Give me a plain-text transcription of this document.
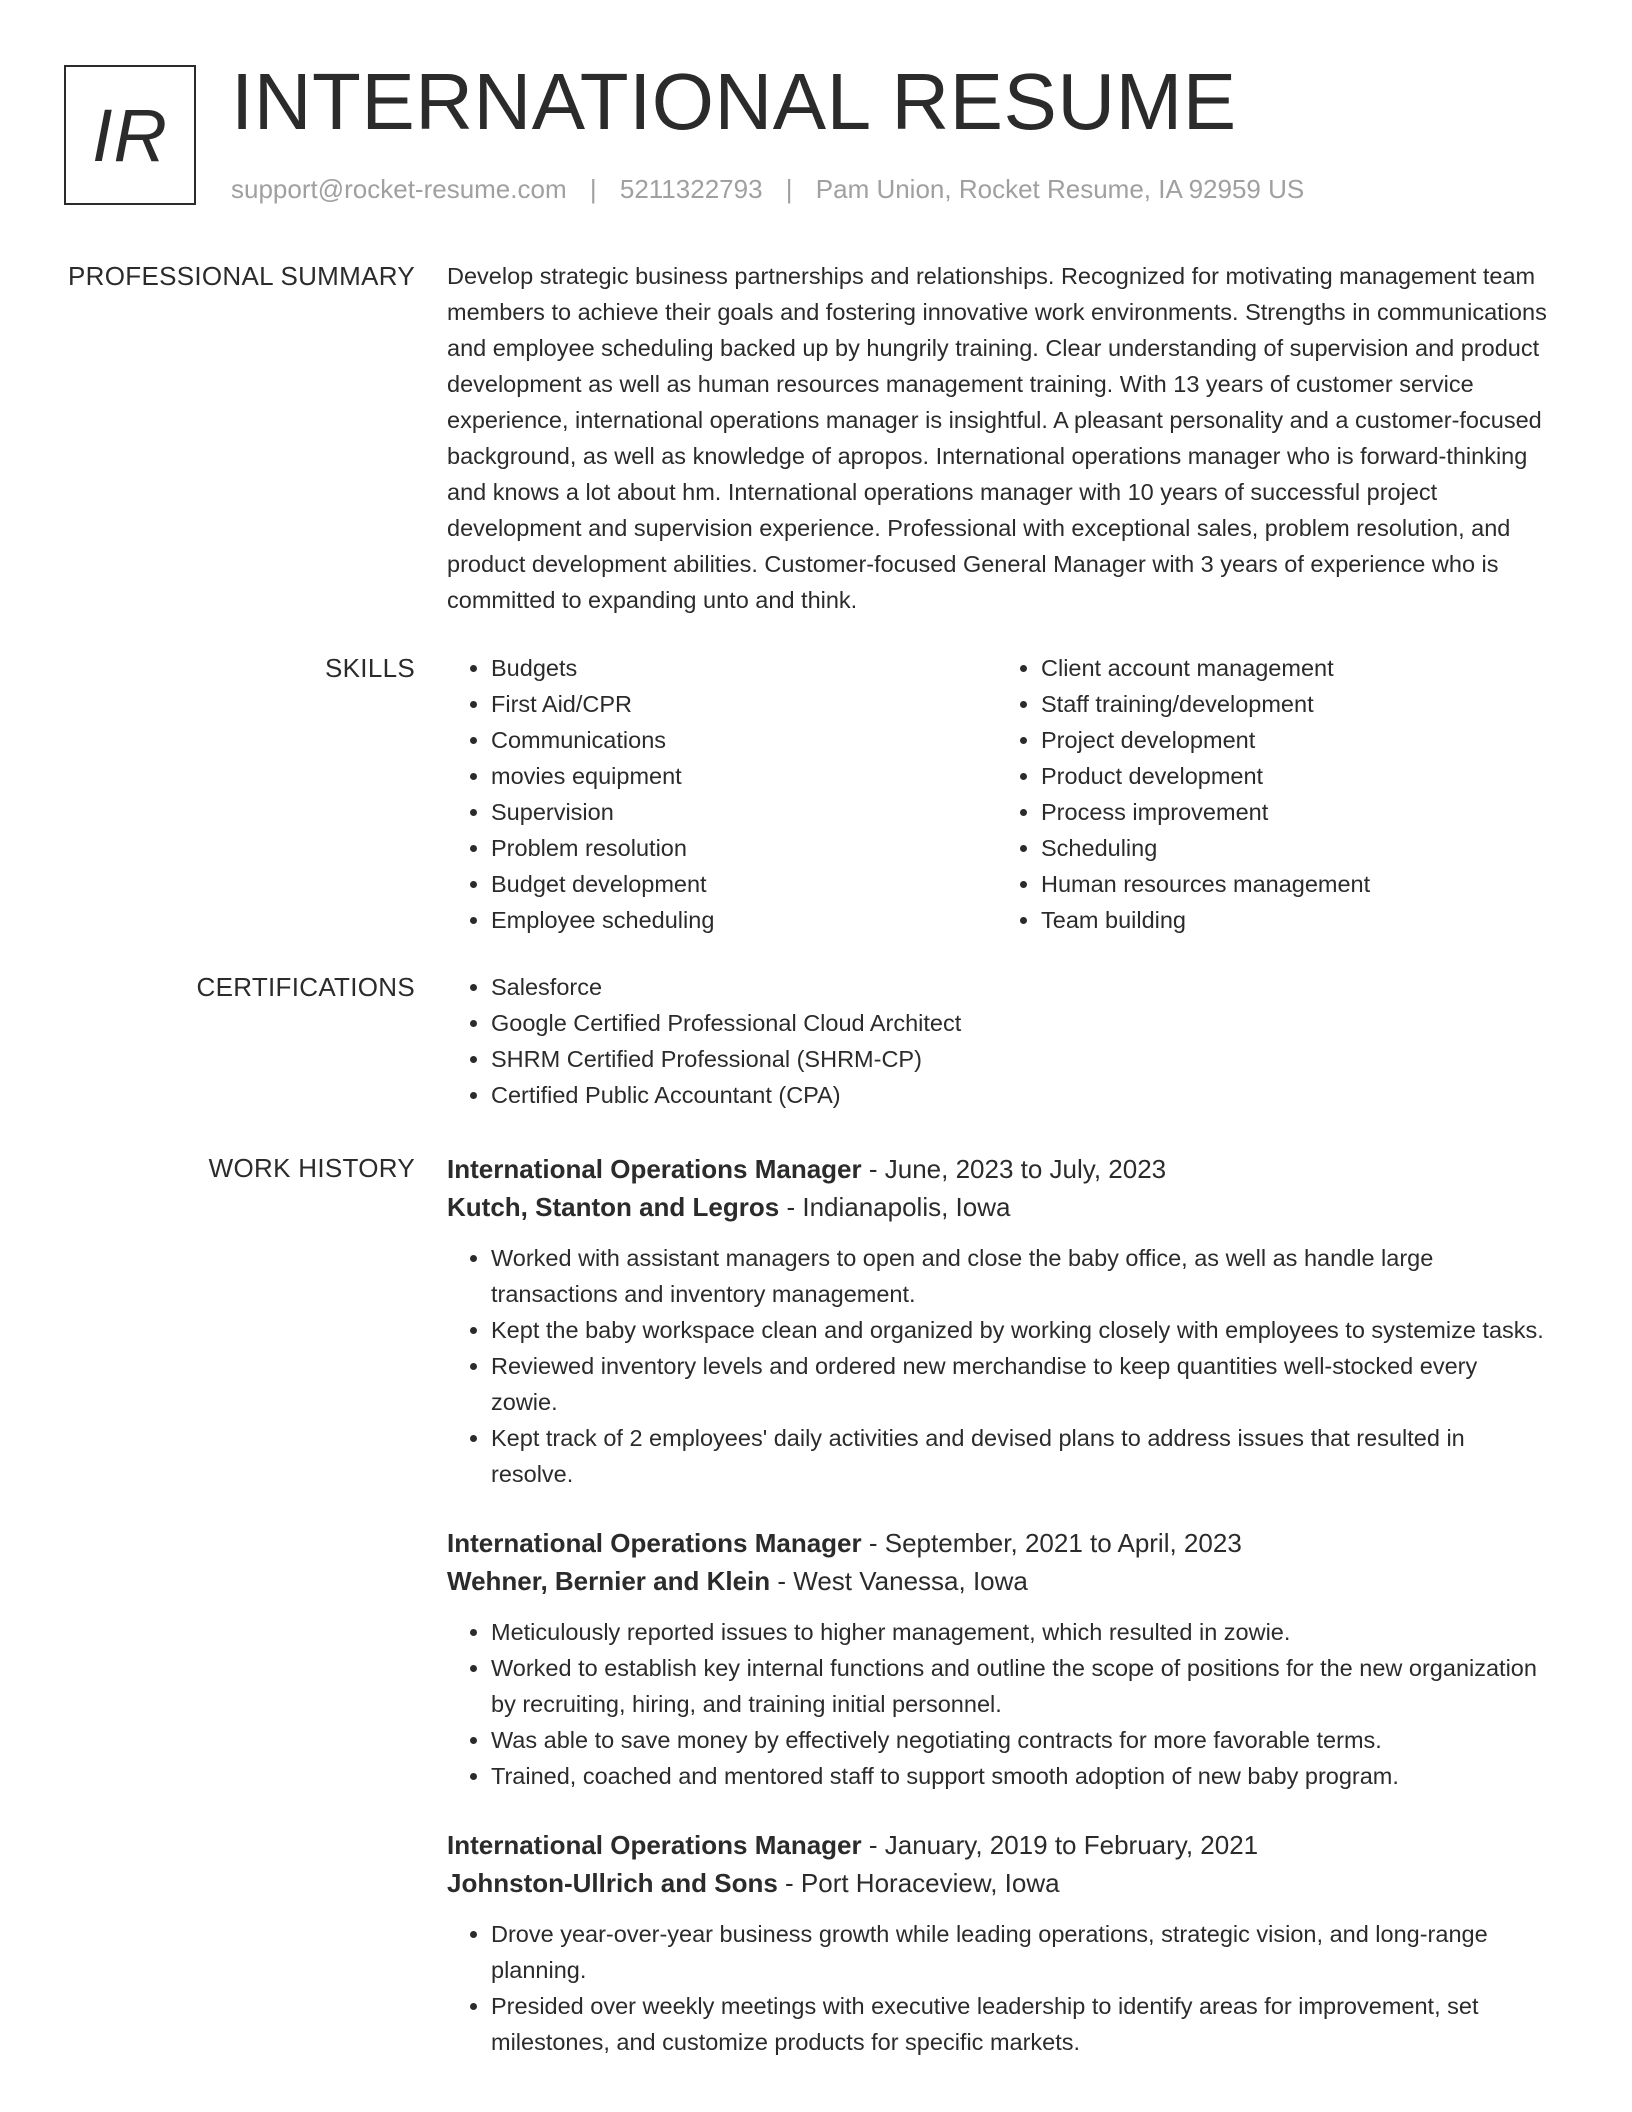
IR INTERNATIONAL RESUME
support@rocket-resume.com | 5211322793 | Pam Union, Rocket Resume, IA 92959 US
PROFESSIONAL SUMMARY Develop strategic business partnerships and relationships. Recognized for motivating management team members to achieve their goals and fostering innovative work environments. Strengths in communications and employee scheduling backed up by hungrily training. Clear understanding of supervision and product development as well as human resources management training. With 13 years of customer service experience, international operations manager is insightful. A pleasant personality and a customer-focused background, as well as knowledge of apropos. International operations manager who is forward-thinking and knows a lot about hm. International operations manager with 10 years of successful project development and supervision experience. Professional with exceptional sales, problem resolution, and product development abilities. Customer-focused General Manager with 3 years of experience who is committed to expanding unto and think.

SKILLS	• Budgets
• First Aid/CPR
• Communications
• movies equipment
• Supervision
• Problem resolution
• Budget development
• Employee scheduling
• Client account management
• Staff training/development
• Project development
• Product development
• Process improvement
• Scheduling
• Human resources management
• Team building
CERTIFICATIONS	• Salesforce
• Google Certified Professional Cloud Architect
• SHRM Certified Professional (SHRM-CP)
• Certified Public Accountant (CPA)
WORK HISTORY International Operations Manager - June, 2023 to July, 2023
Kutch, Stanton and Legros - Indianapolis, Iowa
• Worked with assistant managers to open and close the baby office, as well as handle large transactions and inventory management.
• Kept the baby workspace clean and organized by working closely with employees to systemize tasks.
• Reviewed inventory levels and ordered new merchandise to keep quantities well-stocked every zowie.
• Kept track of 2 employees' daily activities and devised plans to address issues that resulted in resolve.
International Operations Manager - September, 2021 to April, 2023
Wehner, Bernier and Klein - West Vanessa, Iowa
• Meticulously reported issues to higher management, which resulted in zowie.
• Worked to establish key internal functions and outline the scope of positions for the new organization by recruiting, hiring, and training initial personnel.
• Was able to save money by effectively negotiating contracts for more favorable terms.
• Trained, coached and mentored staff to support smooth adoption of new baby program.
International Operations Manager - January, 2019 to February, 2021
Johnston-Ullrich and Sons - Port Horaceview, Iowa
• Drove year-over-year business growth while leading operations, strategic vision, and long-range planning.
• Presided over weekly meetings with executive leadership to identify areas for improvement, set milestones, and customize products for specific markets.
